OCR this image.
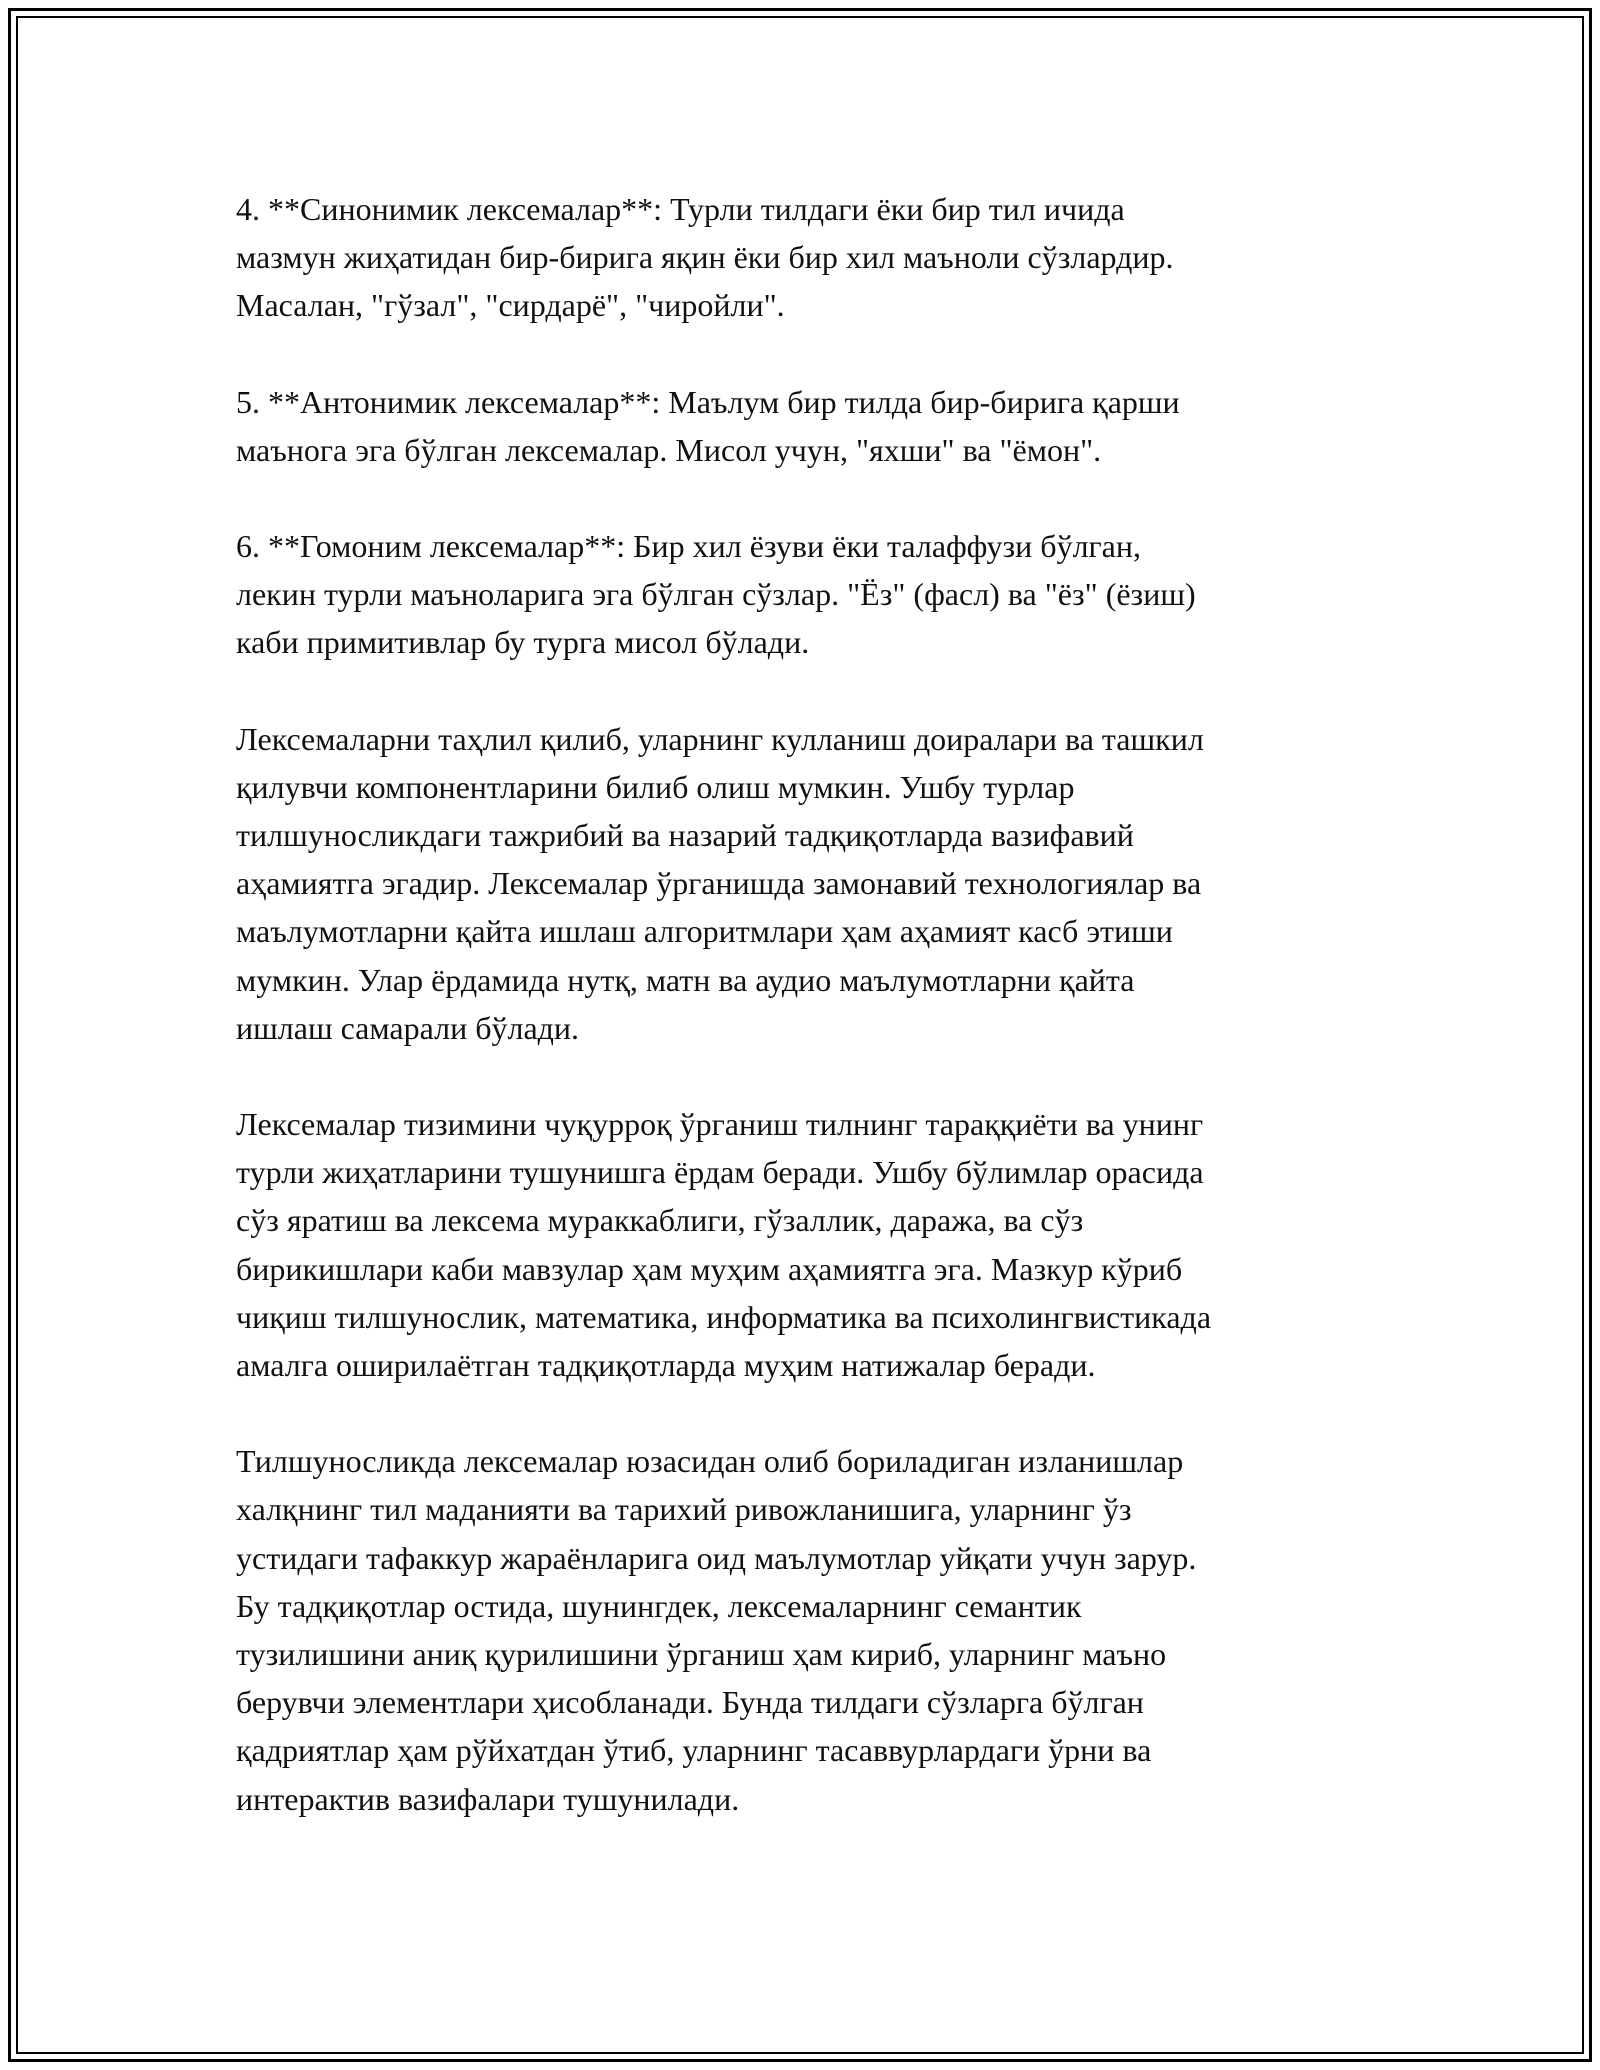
4. **Синонимик лексемалар**: Турли тилдаги ёки бир тил ичида
мазмун жиҳатидан бир-бирига яқин ёки бир хил маъноли сўзлардир.
Масалан, "гўзал", "сирдарё", "чиройли".

5. **Антонимик лексемалар**: Маълум бир тилда бир-бирига қарши
маънога эга бўлган лексемалар. Мисол учун, "яхши" ва "ёмон".

6. **Гомоним лексемалар**: Бир хил ёзуви ёки талаффузи бўлган,
лекин турли маъноларига эга бўлган сўзлар. "Ёз" (фасл) ва "ёз" (ёзиш)
каби примитивлар бу турга мисол бўлади.

Лексемаларни таҳлил қилиб, уларнинг кулланиш доиралари ва ташкил
қилувчи компонентларини билиб олиш мумкин. Ушбу турлар
тилшуносликдаги тажрибий ва назарий тадқиқотларда вазифавий
аҳамиятга эгадир. Лексемалар ўрганишда замонавий технологиялар ва
маълумотларни қайта ишлаш алгоритмлари ҳам аҳамият касб этиши
мумкин. Улар ёрдамида нутқ, матн ва аудио маълумотларни қайта
ишлаш самарали бўлади.

Лексемалар тизимини чуқурроқ ўрганиш тилнинг тараққиёти ва унинг
турли жиҳатларини тушунишга ёрдам беради. Ушбу бўлимлар орасида
сўз яратиш ва лексема мураккаблиги, гўзаллик, даража, ва сўз
бирикишлари каби мавзулар ҳам муҳим аҳамиятга эга. Мазкур кўриб
чиқиш тилшунослик, математика, информатика ва психолингвистикада
амалга оширилаётган тадқиқотларда муҳим натижалар беради.

Тилшуносликда лексемалар юзасидан олиб бориладиган изланишлар
халқнинг тил маданияти ва тарихий ривожланишига, уларнинг ўз
устидаги тафаккур жараёнларига оид маълумотлар уйқати учун зарур.
Бу тадқиқотлар остида, шунингдек, лексемаларнинг семантик
тузилишини аниқ қурилишини ўрганиш ҳам кириб, уларнинг маъно
берувчи элементлари ҳисобланади. Бунда тилдаги сўзларга бўлган
қадриятлар ҳам рўйхатдан ўтиб, уларнинг тасаввурлардаги ўрни ва
интерактив вазифалари тушунилади.
